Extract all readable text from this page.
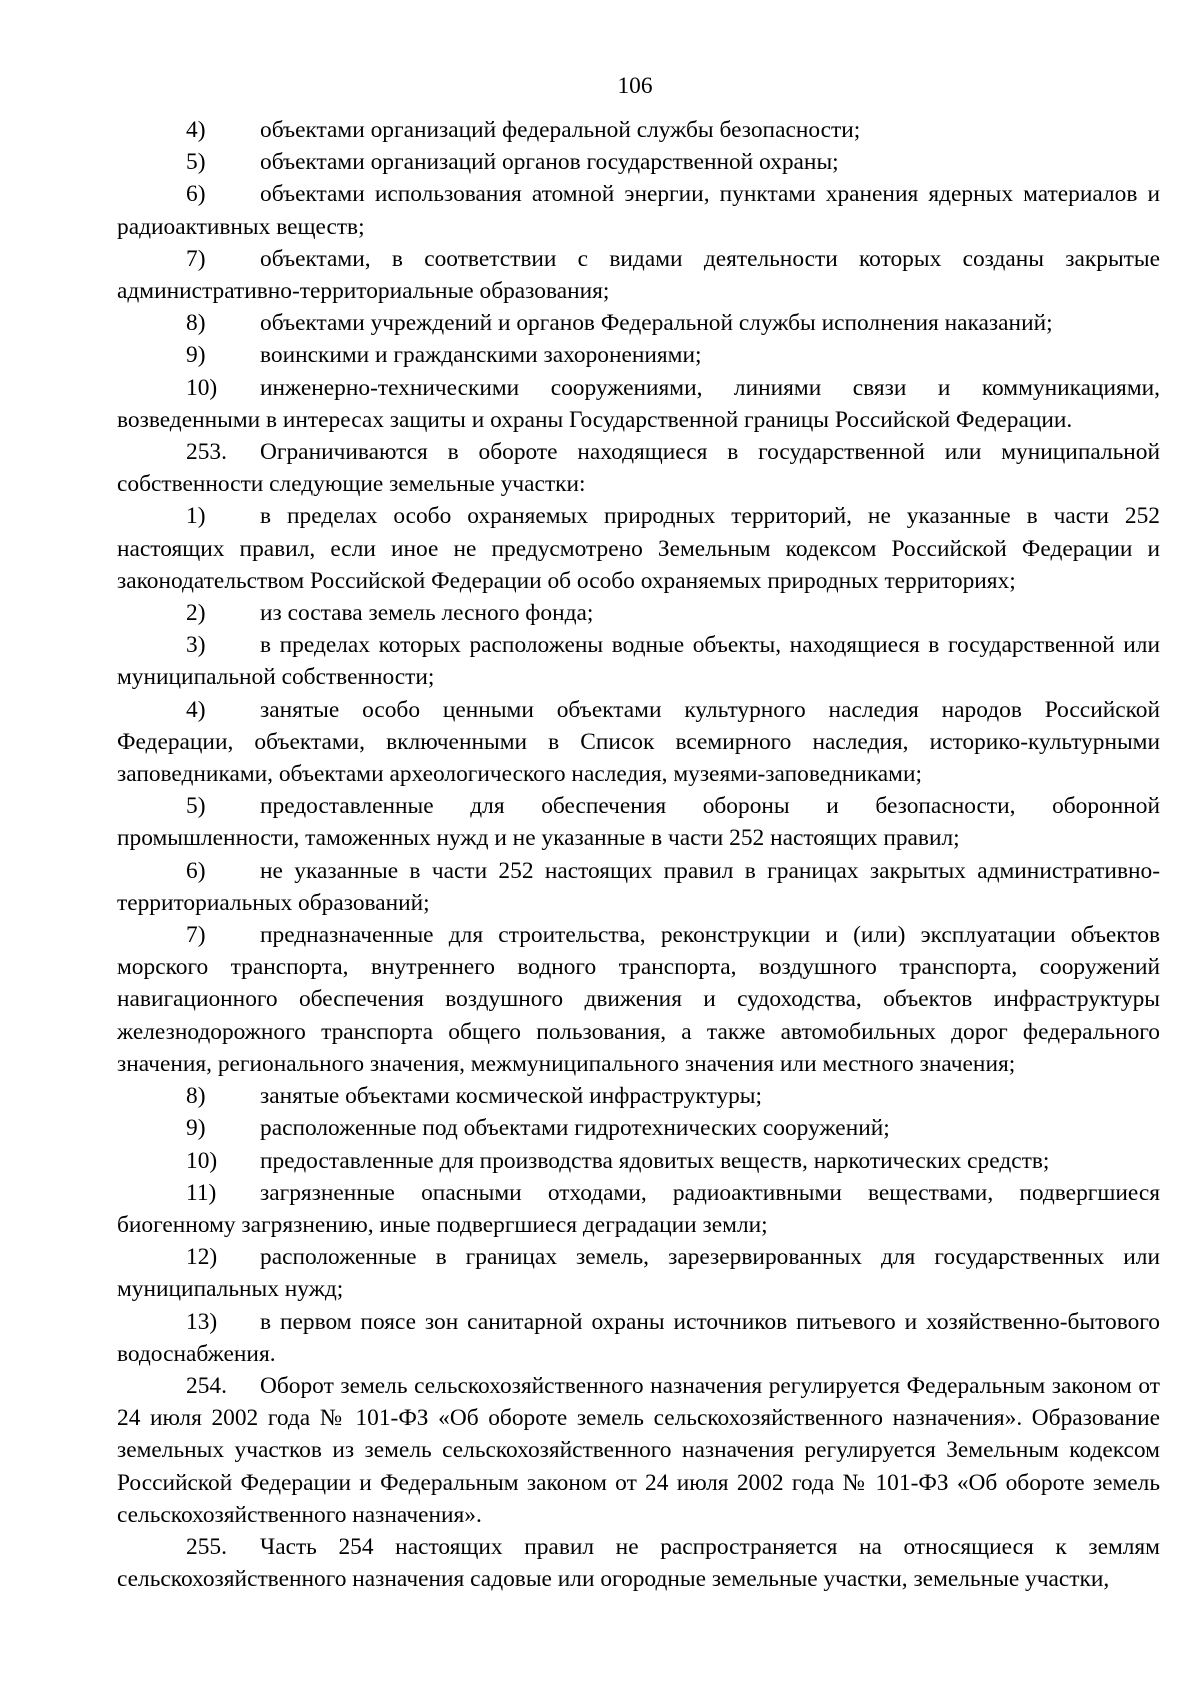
106

4) объектами организаций федеральной службы безопасности;

5) объектами организаций органов государственной охраны;

6) объектами использования атомной энергии, пунктами хранения ядерных материалов и радиоактивных веществ;

7) объектами, в соответствии с видами деятельности которых созданы закрытые административно-территориальные образования;

8) объектами учреждений и органов Федеральной службы исполнения наказаний;

9) воинскими и гражданскими захоронениями;

10) инженерно-техническими сооружениями, линиями связи и коммуникациями, возведенными в интересах защиты и охраны Государственной границы Российской Федерации.

253. Ограничиваются в обороте находящиеся в государственной или муниципальной собственности следующие земельные участки:

1) в пределах особо охраняемых природных территорий, не указанные в части 252 настоящих правил, если иное не предусмотрено Земельным кодексом Российской Федерации и законодательством Российской Федерации об особо охраняемых природных территориях;

2) из состава земель лесного фонда;

3) в пределах которых расположены водные объекты, находящиеся в государственной или муниципальной собственности;

4) занятые особо ценными объектами культурного наследия народов Российской Федерации, объектами, включенными в Список всемирного наследия, историко-культурными заповедниками, объектами археологического наследия, музеями-заповедниками;

5) предоставленные для обеспечения обороны и безопасности, оборонной промышленности, таможенных нужд и не указанные в части 252 настоящих правил;

6) не указанные в части 252 настоящих правил в границах закрытых административно-территориальных образований;

7) предназначенные для строительства, реконструкции и (или) эксплуатации объектов морского транспорта, внутреннего водного транспорта, воздушного транспорта, сооружений навигационного обеспечения воздушного движения и судоходства, объектов инфраструктуры железнодорожного транспорта общего пользования, а также автомобильных дорог федерального значения, регионального значения, межмуниципального значения или местного значения;

8) занятые объектами космической инфраструктуры;

9) расположенные под объектами гидротехнических сооружений;

10) предоставленные для производства ядовитых веществ, наркотических средств;

11) загрязненные опасными отходами, радиоактивными веществами, подвергшиеся биогенному загрязнению, иные подвергшиеся деградации земли;

12) расположенные в границах земель, зарезервированных для государственных или муниципальных нужд;

13) в первом поясе зон санитарной охраны источников питьевого и хозяйственно-бытового водоснабжения.

254. Оборот земель сельскохозяйственного назначения регулируется Федеральным законом от 24 июля 2002 года № 101-ФЗ «Об обороте земель сельскохозяйственного назначения». Образование земельных участков из земель сельскохозяйственного назначения регулируется Земельным кодексом Российской Федерации и Федеральным законом от 24 июля 2002 года № 101-ФЗ «Об обороте земель сельскохозяйственного назначения».

255. Часть 254 настоящих правил не распространяется на относящиеся к землям сельскохозяйственного назначения садовые или огородные земельные участки, земельные участки,
